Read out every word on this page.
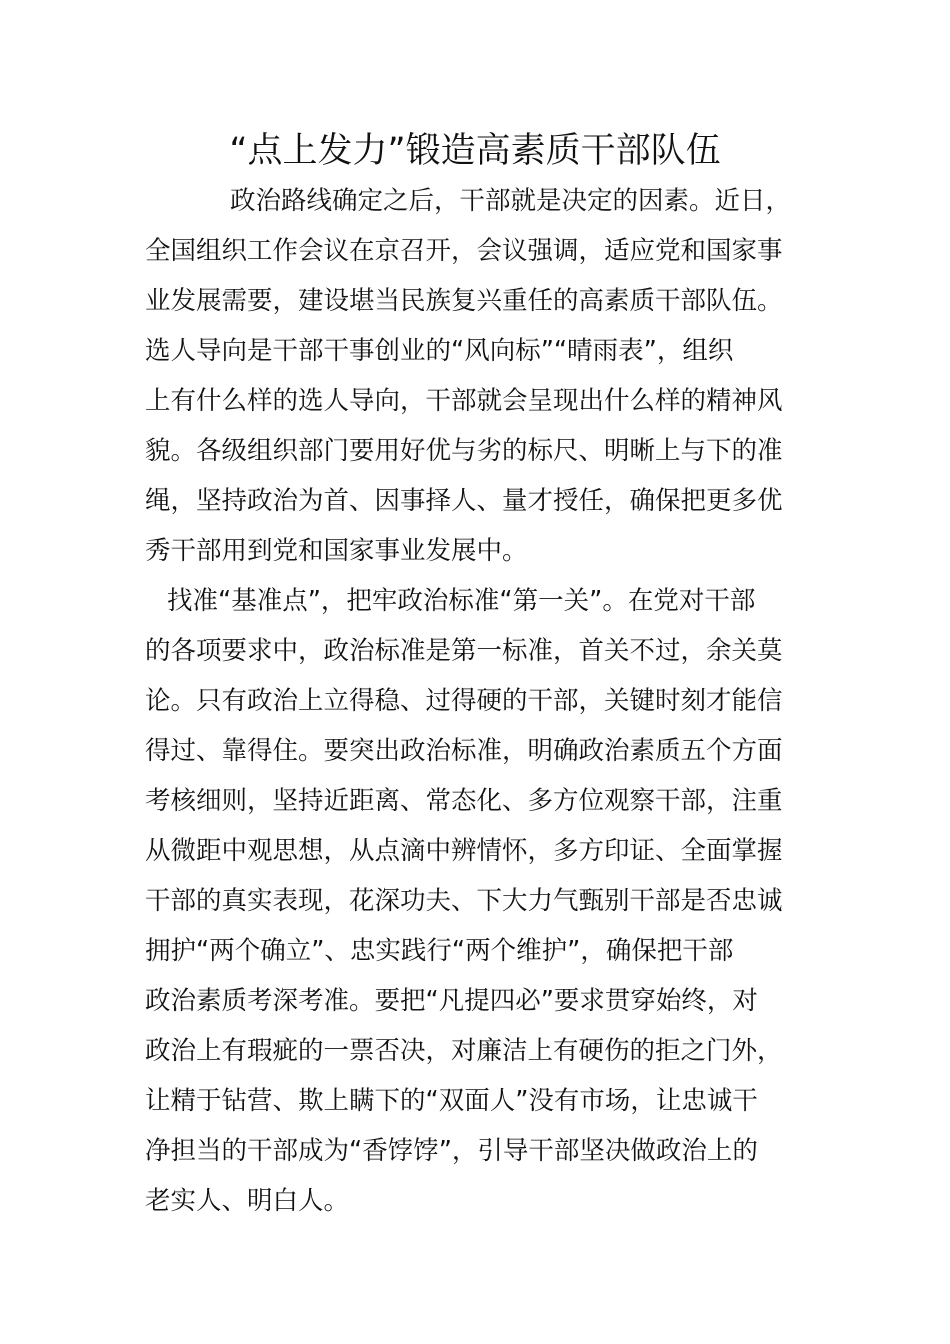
“点上发力”锻造高素质干部队伍
政治路线确定之后，干部就是决定的因素。近日，
全国组织工作会议在京召开，会议强调，适应党和国家事
业发展需要，建设堪当民族复兴重任的高素质干部队伍。
选人导向是干部干事创业的“风向标”“晴雨表”，组织
上有什么样的选人导向，干部就会呈现出什么样的精神风
貌。各级组织部门要用好优与劣的标尺、明晰上与下的准
绳，坚持政治为首、因事择人、量才授任，确保把更多优
秀干部用到党和国家事业发展中。
找准“基准点”，把牢政治标准“第一关”。在党对干部
的各项要求中，政治标准是第一标准，首关不过，余关莫
论。只有政治上立得稳、过得硬的干部，关键时刻才能信
得过、靠得住。要突出政治标准，明确政治素质五个方面
考核细则，坚持近距离、常态化、多方位观察干部，注重
从微距中观思想，从点滴中辨情怀，多方印证、全面掌握
干部的真实表现，花深功夫、下大力气甄别干部是否忠诚
拥护“两个确立”、忠实践行“两个维护”，确保把干部
政治素质考深考准。要把“凡提四必”要求贯穿始终，对
政治上有瑕疵的一票否决，对廉洁上有硬伤的拒之门外，
让精于钻营、欺上瞒下的“双面人”没有市场，让忠诚干
净担当的干部成为“香饽饽”，引导干部坚决做政治上的
老实人、明白人。
